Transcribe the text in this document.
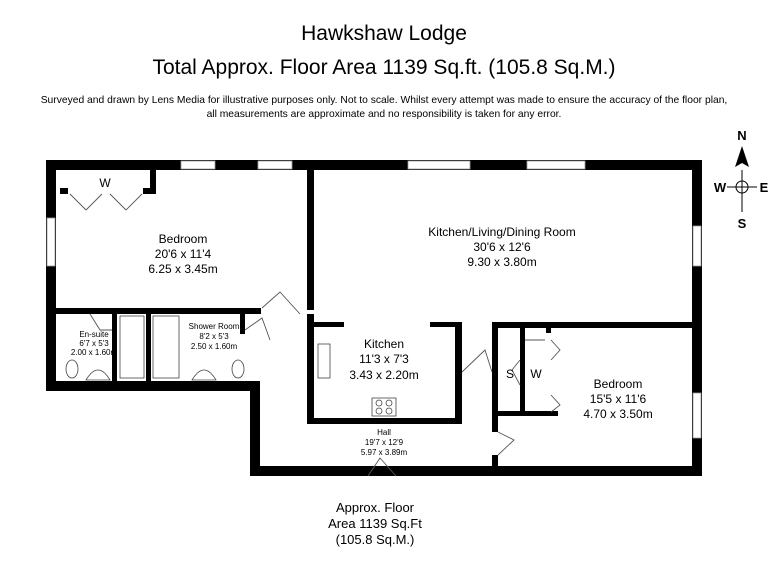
Hawkshaw Lodge
Total Approx. Floor Area 1139 Sq.ft. (105.8 Sq.M.)
Surveyed and drawn by Lens Media for illustrative purposes only. Not to scale. Whilst every attempt was made to ensure the accuracy of the floor plan,
all measurements are approximate and no responsibility is taken for any error.
Bedroom
20'6 x 11'4
6.25 x 3.45m
Kitchen/Living/Dining Room
30'6 x 12'6
9.30 x 3.80m
Kitchen
11'3 x 7'3
3.43 x 2.20m
En-suite
6'7 x 5'3
2.00 x 1.60m
Shower Room
8'2 x 5'3
2.50 x 1.60m
Hall
19'7 x 12'9
5.97 x 3.89m
Bedroom
15'5 x 11'6
4.70 x 3.50m
W
S W
N
S
W	E
Approx. Floor
Area 1139 Sq.Ft
(105.8 Sq.M.)
